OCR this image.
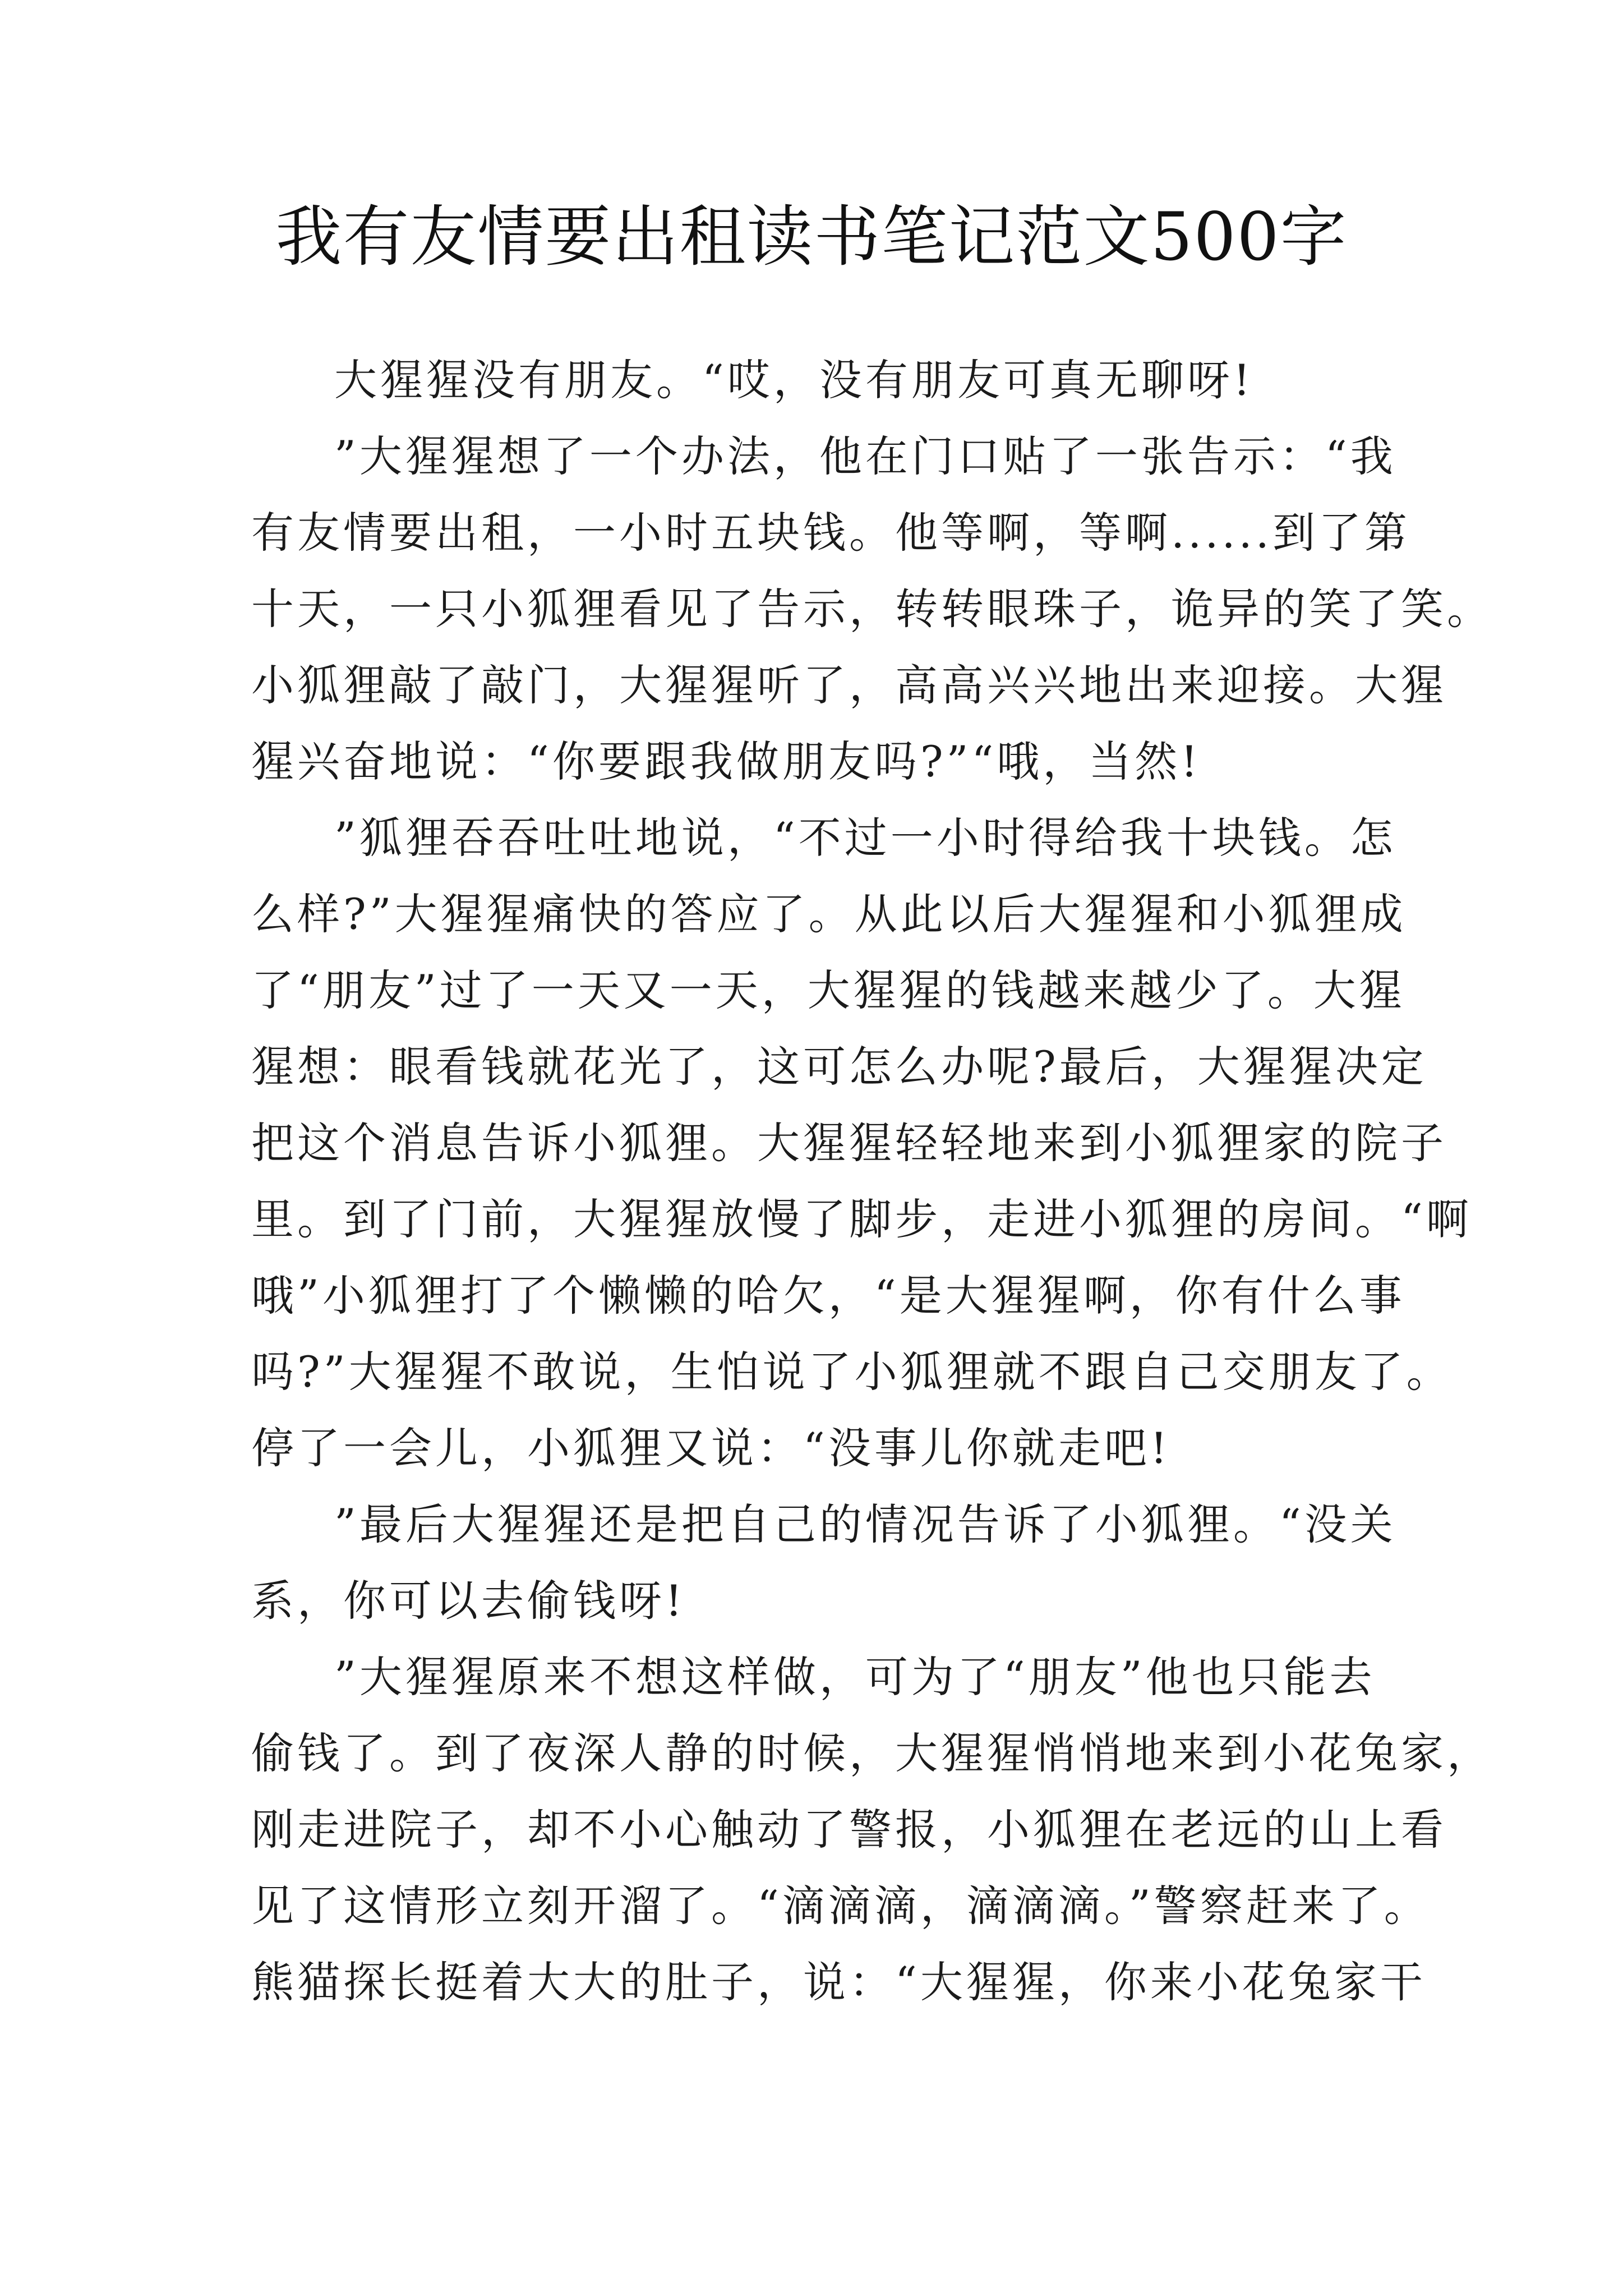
我有友情要出租读书笔记范文500字
大猩猩没有朋友。“哎，没有朋友可真无聊呀!
”大猩猩想了一个办法，他在门口贴了一张告示：“我
有友情要出租，一小时五块钱。他等啊，等啊......到了第
十天，一只小狐狸看见了告示，转转眼珠子，诡异的笑了笑。
小狐狸敲了敲门，大猩猩听了，高高兴兴地出来迎接。大猩
猩兴奋地说：“你要跟我做朋友吗?”“哦，当然!
”狐狸吞吞吐吐地说，“不过一小时得给我十块钱。怎
么样?”大猩猩痛快的答应了。从此以后大猩猩和小狐狸成
了“朋友”过了一天又一天，大猩猩的钱越来越少了。大猩
猩想：眼看钱就花光了，这可怎么办呢?最后，大猩猩决定
把这个消息告诉小狐狸。大猩猩轻轻地来到小狐狸家的院子
里。到了门前，大猩猩放慢了脚步，走进小狐狸的房间。“啊
哦”小狐狸打了个懒懒的哈欠，“是大猩猩啊，你有什么事
吗?”大猩猩不敢说，生怕说了小狐狸就不跟自己交朋友了。
停了一会儿，小狐狸又说：“没事儿你就走吧!
”最后大猩猩还是把自己的情况告诉了小狐狸。“没关
系，你可以去偷钱呀!
”大猩猩原来不想这样做，可为了“朋友”他也只能去
偷钱了。到了夜深人静的时候，大猩猩悄悄地来到小花兔家，
刚走进院子，却不小心触动了警报，小狐狸在老远的山上看
见了这情形立刻开溜了。“滴滴滴，滴滴滴。”警察赶来了。
熊猫探长挺着大大的肚子，说：“大猩猩，你来小花兔家干
